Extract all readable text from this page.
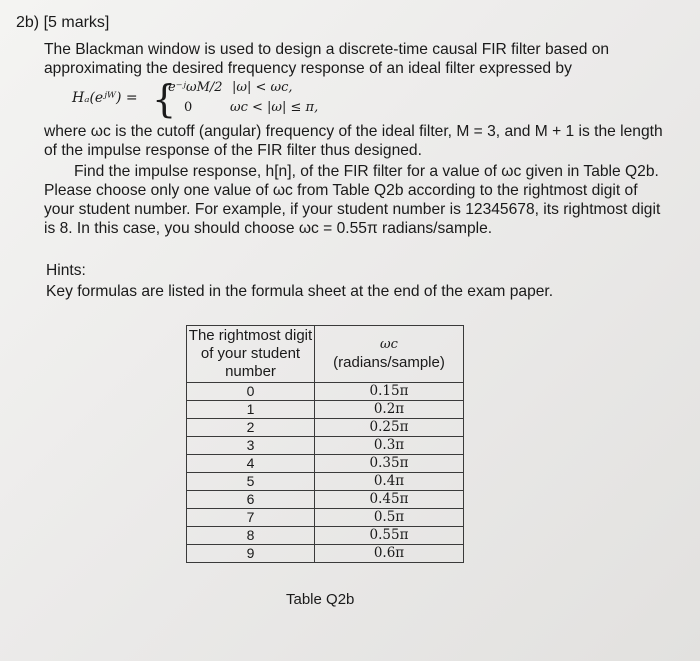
2b) [5 marks]
The Blackman window is used to design a discrete-time causal FIR filter based on approximating the desired frequency response of an ideal filter expressed by
Hₐ(eʲᵂ) = {
e⁻ʲωM/2 |ω| < ωc,
0	ωc < |ω| ≤ π,
where ωc is the cutoff (angular) frequency of the ideal filter, M = 3, and M + 1 is the length of the impulse response of the FIR filter thus designed.
Find the impulse response, h[n], of the FIR filter for a value of ωc given in Table Q2b. Please choose only one value of ωc from Table Q2b according to the rightmost digit of your student number. For example, if your student number is 12345678, its rightmost digit is 8. In this case, you should choose ωc = 0.55π radians/sample.
Hints:
Key formulas are listed in the formula sheet at the end of the exam paper.
The rightmost digit of your student number	ωc
(radians/sample)
0	0.15π
1	0.2π
2	0.25π
3	0.3π
4	0.35π
5	0.4π
6	0.45π
7	0.5π
8	0.55π
9	0.6π
Table Q2b
